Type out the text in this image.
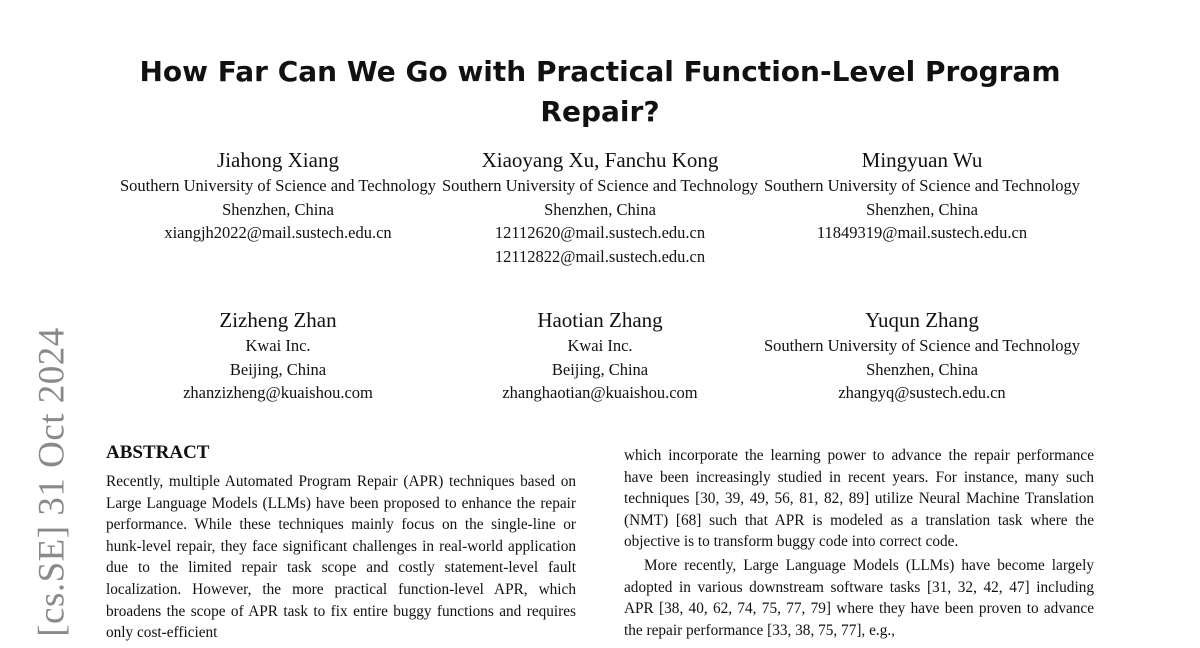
[cs.SE] 31 Oct 2024
How Far Can We Go with Practical Function-Level Program Repair?
Jiahong Xiang
Southern University of Science and Technology
Shenzhen, China
xiangjh2022@mail.sustech.edu.cn
Xiaoyang Xu, Fanchu Kong
Southern University of Science and Technology
Shenzhen, China
12112620@mail.sustech.edu.cn
12112822@mail.sustech.edu.cn
Mingyuan Wu
Southern University of Science and Technology
Shenzhen, China
11849319@mail.sustech.edu.cn
Zizheng Zhan
Kwai Inc.
Beijing, China
zhanzizheng@kuaishou.com
Haotian Zhang
Kwai Inc.
Beijing, China
zhanghaotian@kuaishou.com
Yuqun Zhang
Southern University of Science and Technology
Shenzhen, China
zhangyq@sustech.edu.cn
ABSTRACT

Recently, multiple Automated Program Repair (APR) techniques based on Large Language Models (LLMs) have been proposed to enhance the repair performance. While these techniques mainly focus on the single-line or hunk-level repair, they face significant challenges in real-world application due to the limited repair task scope and costly statement-level fault localization. However, the more practical function-level APR, which broadens the scope of APR task to fix entire buggy functions and requires only cost-efficient

which incorporate the learning power to advance the repair performance have been increasingly studied in recent years. For instance, many such techniques [30, 39, 49, 56, 81, 82, 89] utilize Neural Machine Translation (NMT) [68] such that APR is modeled as a translation task where the objective is to transform buggy code into correct code.

More recently, Large Language Models (LLMs) have become largely adopted in various downstream software tasks [31, 32, 42, 47] including APR [38, 40, 62, 74, 75, 77, 79] where they have been proven to advance the repair performance [33, 38, 75, 77], e.g.,
